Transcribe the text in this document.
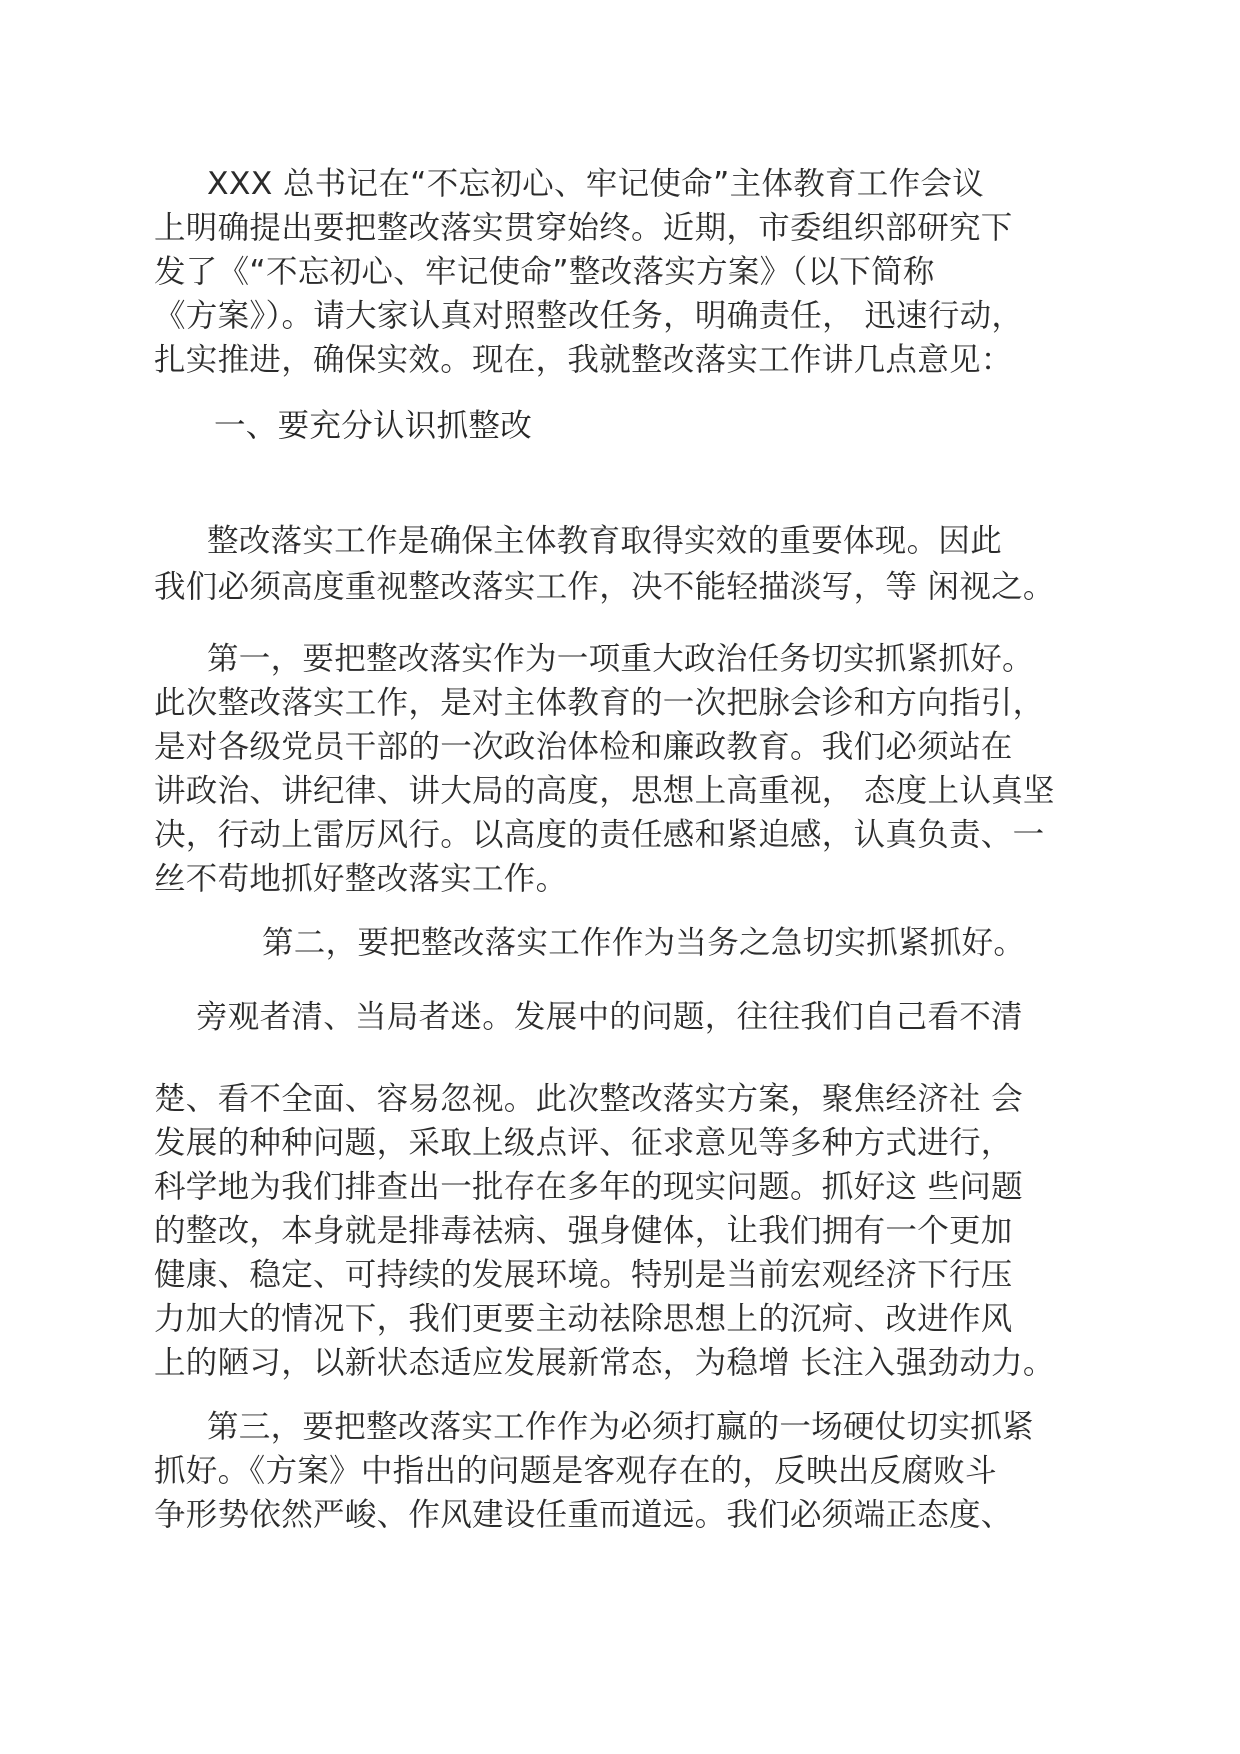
XXX 总书记在“不忘初心、牢记使命”主体教育工作会议
上明确提出要把整改落实贯穿始终。近期，市委组织部研究下
发了《“不忘初心、牢记使命”整改落实方案》（以下简称
《方案》）。请大家认真对照整改任务，明确责任， 迅速行动，
扎实推进，确保实效。现在，我就整改落实工作讲几点意见：
一、要充分认识抓整改
整改落实工作是确保主体教育取得实效的重要体现。因此
我们必须高度重视整改落实工作，决不能轻描淡写，等 闲视之。
第一，要把整改落实作为一项重大政治任务切实抓紧抓好。
此次整改落实工作，是对主体教育的一次把脉会诊和方向指引，
是对各级党员干部的一次政治体检和廉政教育。我们必须站在
讲政治、讲纪律、讲大局的高度，思想上高重视， 态度上认真坚
决，行动上雷厉风行。以高度的责任感和紧迫感，认真负责、一
丝不苟地抓好整改落实工作。
第二，要把整改落实工作作为当务之急切实抓紧抓好。
旁观者清、当局者迷。发展中的问题，往往我们自己看不清
楚、看不全面、容易忽视。此次整改落实方案，聚焦经济社 会
发展的种种问题，采取上级点评、征求意见等多种方式进行，
科学地为我们排查出一批存在多年的现实问题。抓好这 些问题
的整改，本身就是排毒祛病、强身健体，让我们拥有一个更加
健康、稳定、可持续的发展环境。特别是当前宏观经济下行压
力加大的情况下，我们更要主动祛除思想上的沉疴、改进作风
上的陋习，以新状态适应发展新常态，为稳增 长注入强劲动力。
第三，要把整改落实工作作为必须打赢的一场硬仗切实抓紧
抓好。《方案》中指出的问题是客观存在的，反映出反腐败斗
争形势依然严峻、作风建设任重而道远。我们必须端正态度、
